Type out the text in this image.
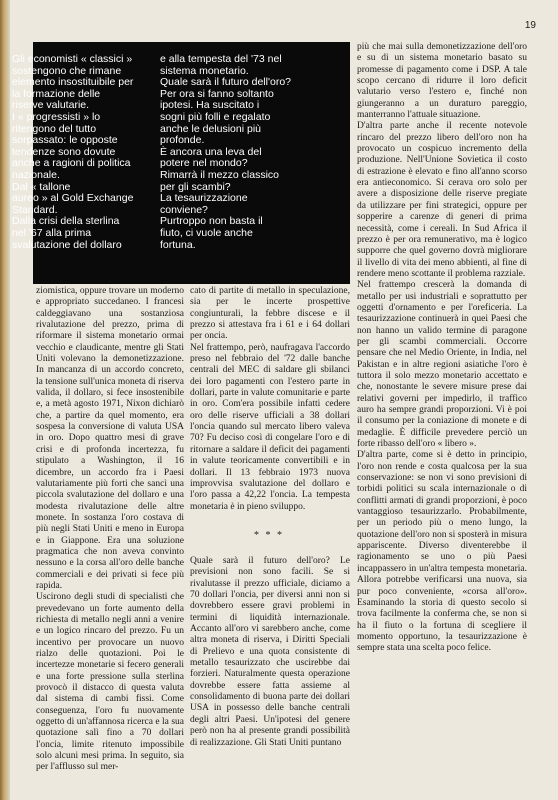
19
Gli economisti « classici »
sostengono che rimane
elemento insostituibile per
la formazione delle
riserve valutarie.
I « progressisti » lo
ritengono del tutto
sorpassato: le opposte
tendenze sono dovute
anche a ragioni di politica
nazionale.
Dal « tallone
aureo » al Gold Exchange
Standard.
Dalla crisi della sterlina
nel '67 alla prima
svalutazione del dollaro
e alla tempesta del '73 nel
sistema monetario.
Quale sarà il futuro dell'oro?
Per ora si fanno soltanto
ipotesi. Ha suscitato i
sogni più folli e regalato
anche le delusioni più
profonde.
È ancora una leva del
potere nel mondo?
Rimarrà il mezzo classico
per gli scambi?
La tesaurizzazione
conviene?
Purtroppo non basta il
fiuto, ci vuole anche
fortuna.
ziomistica, oppure trovare un moderno e appropriato succedaneo. I francesi caldeggiavano una sostanziosa rivalutazione del prezzo, prima di riformare il sistema monetario ormai vecchio e claudicante, mentre gli Stati Uniti volevano la demonetizzazione. In mancanza di un accordo concreto, la tensione sull'unica moneta di riserva valida, il dollaro, si fece insostenibile e, a metà agosto 1971, Nixon dichiarò che, a partire da quel momento, era sospesa la conversione di valuta USA in oro. Dopo quattro mesi di grave crisi e di profonda incertezza, fu stipulato a Washington, il 16 dicembre, un accordo fra i Paesi valutariamente più forti che sancì una piccola svalutazione del dollaro e una modesta rivalutazione delle altre monete. In sostanza l'oro costava di più negli Stati Uniti e meno in Europa e in Giappone. Era una soluzione pragmatica che non aveva convinto nessuno e la corsa all'oro delle banche commerciali e dei privati si fece più rapida.
Uscirono degli studi di specialisti che prevedevano un forte aumento della richiesta di metallo negli anni a venire e un logico rincaro del prezzo. Fu un incentivo per provocare un nuovo rialzo delle quotazioni. Poi le incertezze monetarie si fecero generali e una forte pressione sulla sterlina provocò il distacco di questa valuta dal sistema di cambi fissi. Come conseguenza, l'oro fu nuovamente oggetto di un'affannosa ricerca e la sua quotazione salì fino a 70 dollari l'oncia, limite ritenuto impossibile solo alcuni mesi prima. In seguito, sia per l'afflusso sul mer-
cato di partite di metallo in speculazione, sia per le incerte prospettive congiunturali, la febbre discese e il prezzo si attestava fra i 61 e i 64 dollari per oncia.
Nel frattempo, però, naufragava l'accordo preso nel febbraio del '72 dalle banche centrali del MEC di saldare gli sbilanci dei loro pagamenti con l'estero parte in dollari, parte in valute comunitarie e parte in oro. Com'era possibile infatti cedere oro delle riserve ufficiali a 38 dollari l'oncia quando sul mercato libero valeva 70? Fu deciso così di congelare l'oro e di ritornare a saldare il deficit dei pagamenti in valute teoricamente convertibili e in dollari. Il 13 febbraio 1973 nuova improvvisa svalutazione del dollaro e l'oro passa a 42,22 l'oncia. La tempesta monetaria è in pieno sviluppo.
* * *
Quale sarà il futuro dell'oro? Le previsioni non sono facili. Se si rivalutasse il prezzo ufficiale, diciamo a 70 dollari l'oncia, per diversi anni non si dovrebbero essere gravi problemi in termini di liquidità internazionale. Accanto all'oro vi sarebbero anche, come altra moneta di riserva, i Diritti Speciali di Prelievo e una quota consistente di metallo tesaurizzato che uscirebbe dai forzieri. Naturalmente questa operazione dovrebbe essere fatta assieme al consolidamento di buona parte dei dollari USA in possesso delle banche centrali degli altri Paesi. Un'ipotesi del genere però non ha al presente grandi possibilità di realizzazione. Gli Stati Uniti puntano
più che mai sulla demonetizzazione dell'oro e su di un sistema monetario basato su promesse di pagamento come i DSP. A tale scopo cercano di ridurre il loro deficit valutario verso l'estero e, finché non giungeranno a un duraturo pareggio, manterranno l'attuale situazione.
D'altra parte anche il recente notevole rincaro del prezzo libero dell'oro non ha provocato un cospicuo incremento della produzione. Nell'Unione Sovietica il costo di estrazione è elevato e fino all'anno scorso era antieconomico. Si cerava oro solo per avere a disposizione delle riserve pregiate da utilizzare per fini strategici, oppure per sopperire a carenze di generi di prima necessità, come i cereali. In Sud Africa il prezzo è per ora remunerativo, ma è logico supporre che quel governo dovrà migliorare il livello di vita dei meno abbienti, al fine di rendere meno scottante il problema razziale.
Nel frattempo crescerà la domanda di metallo per usi industriali e soprattutto per oggetti d'ornamento e per l'oreficeria. La tesaurizzazione continuerà in quei Paesi che non hanno un valido termine di paragone per gli scambi commerciali. Occorre pensare che nel Medio Oriente, in India, nel Pakistan e in altre regioni asiatiche l'oro è tuttora il solo mezzo monetario accettato e che, nonostante le severe misure prese dai relativi governi per impedirlo, il traffico auro ha sempre grandi proporzioni. Vi è poi il consumo per la coniazione di monete e di medaglie. È difficile prevedere perciò un forte ribasso dell'oro « libero ».
D'altra parte, come si è detto in principio, l'oro non rende e costa qualcosa per la sua conservazione: se non vi sono previsioni di torbidi politici su scala internazionale o di conflitti armati di grandi proporzioni, è poco vantaggioso tesaurizzarlo. Probabilmente, per un periodo più o meno lungo, la quotazione dell'oro non si sposterà in misura appariscente. Diverso diventerebbe il ragionamento se uno o più Paesi incappassero in un'altra tempesta monetaria. Allora potrebbe verificarsi una nuova, sia pur poco conveniente, «corsa all'oro». Esaminando la storia di questo secolo si trova facilmente la conferma che, se non si ha il fiuto o la fortuna di scegliere il momento opportuno, la tesaurizzazione è sempre stata una scelta poco felice.
